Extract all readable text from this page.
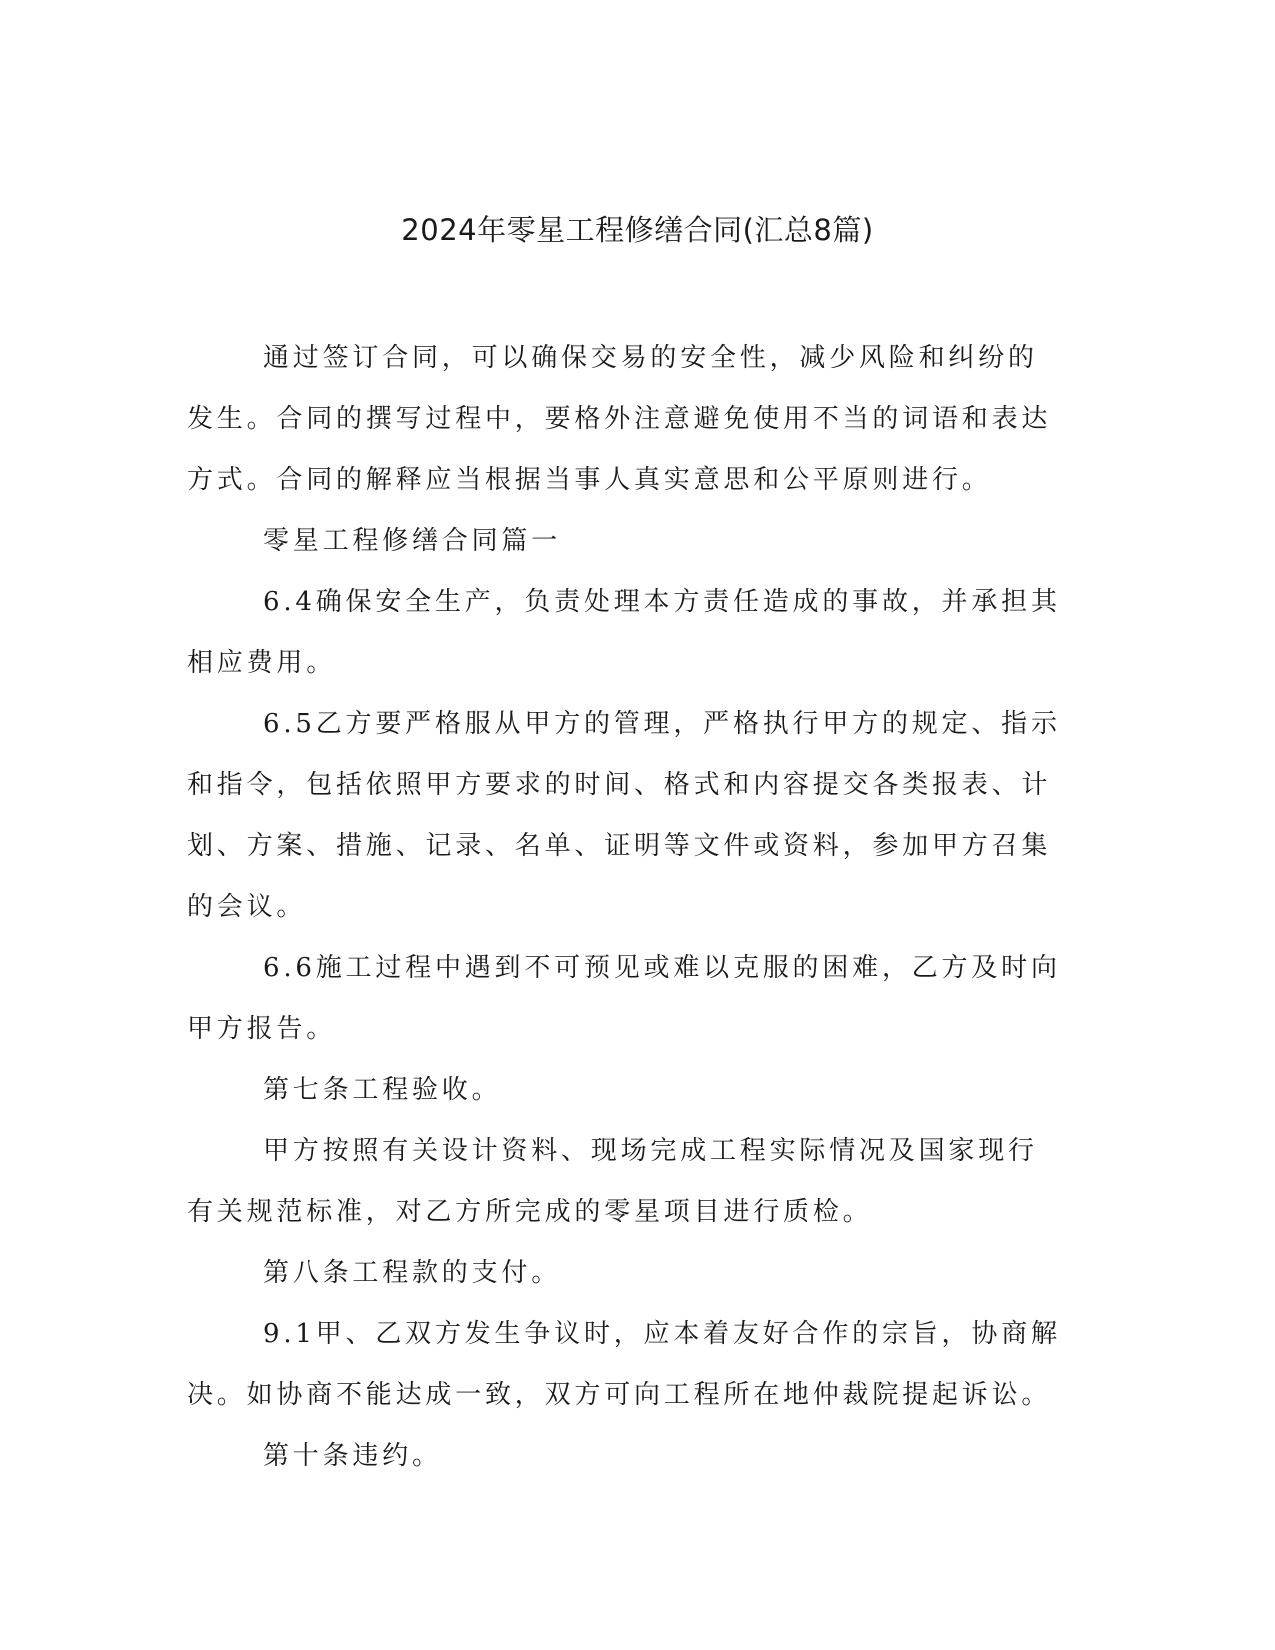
2024年零星工程修缮合同(汇总8篇)

通过签订合同，可以确保交易的安全性，减少风险和纠纷的发生。合同的撰写过程中，要格外注意避免使用不当的词语和表达方式。合同的解释应当根据当事人真实意思和公平原则进行。

零星工程修缮合同篇一

6.4确保安全生产，负责处理本方责任造成的事故，并承担其相应费用。

6.5乙方要严格服从甲方的管理，严格执行甲方的规定、指示和指令，包括依照甲方要求的时间、格式和内容提交各类报表、计划、方案、措施、记录、名单、证明等文件或资料，参加甲方召集的会议。

6.6施工过程中遇到不可预见或难以克服的困难，乙方及时向甲方报告。

第七条工程验收。

甲方按照有关设计资料、现场完成工程实际情况及国家现行有关规范标准，对乙方所完成的零星项目进行质检。

第八条工程款的支付。

9.1甲、乙双方发生争议时，应本着友好合作的宗旨，协商解决。如协商不能达成一致，双方可向工程所在地仲裁院提起诉讼。

第十条违约。
